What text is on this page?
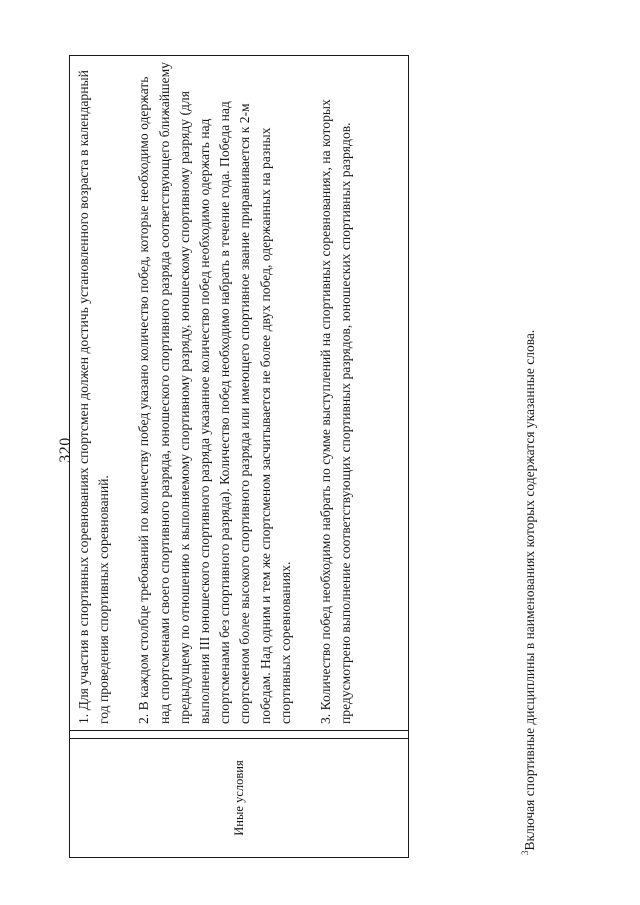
320
Иные условия

1. Для участия в спортивных соревнованиях спортсмен должен достичь установленного возраста в календарный год проведения спортивных соревнований. 2. В каждом столбце требований по количеству побед указано количество побед, которые необходимо одержать над спортсменами своего спортивного разряда, юношеского спортивного разряда соответствующего ближайшему предыдущему по отношению к выполняемому спортивному разряду, юношескому спортивному разряду (для выполнения III юношеского спортивного разряда указанное количество побед необходимо одержать над спортсменами без спортивного разряда). Количество побед необходимо набрать в течение года. Победа над спортсменом более высокого спортивного разряда или имеющего спортивное звание приравнивается к 2-м победам. Над одним и тем же спортсменом засчитывается не более двух побед, одержанных на разных спортивных соревнованиях. 3. Количество побед необходимо набрать по сумме выступлений на спортивных соревнованиях, на которых предусмотрено выполнение соответствующих спортивных разрядов, юношеских спортивных разрядов.

$^3$Включая спортивные дисциплины в наименованиях которых содержатся указанные слова.
